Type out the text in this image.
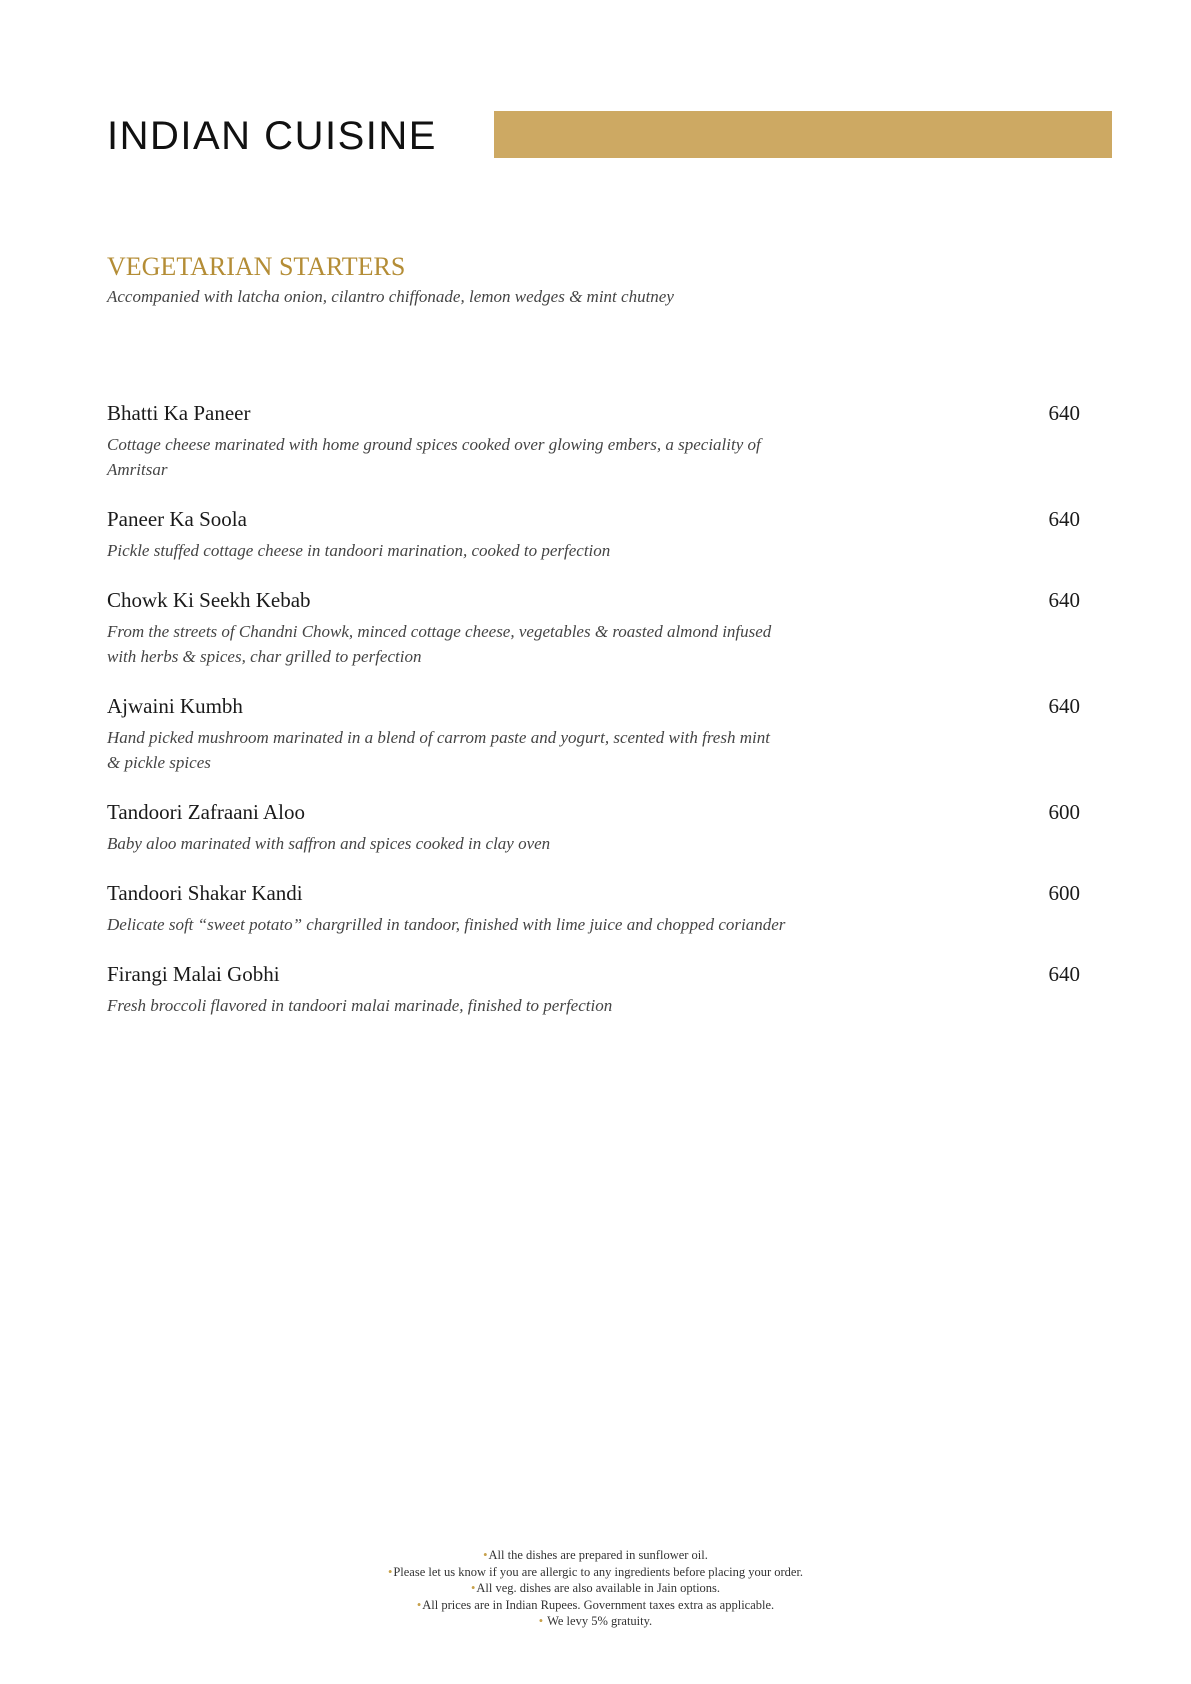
INDIAN CUISINE
VEGETARIAN STARTERS

Accompanied with latcha onion, cilantro chiffonade, lemon wedges & mint chutney

Bhatti Ka Paneer	640
Cottage cheese marinated with home ground spices cooked over glowing embers, a speciality of Amritsar
Paneer Ka Soola	640
Pickle stuffed cottage cheese in tandoori marination, cooked to perfection
Chowk Ki Seekh Kebab	640
From the streets of Chandni Chowk, minced cottage cheese, vegetables & roasted almond infused with herbs & spices, char grilled to perfection
Ajwaini Kumbh	640
Hand picked mushroom marinated in a blend of carrom paste and yogurt, scented with fresh mint & pickle spices
Tandoori Zafraani Aloo	600
Baby aloo marinated with saffron and spices cooked in clay oven
Tandoori Shakar Kandi	600
Delicate soft “sweet potato” chargrilled in tandoor, finished with lime juice and chopped coriander
Firangi Malai Gobhi	640
Fresh broccoli flavored in tandoori malai marinade, finished to perfection
•All the dishes are prepared in sunflower oil.
•Please let us know if you are allergic to any ingredients before placing your order.
•All veg. dishes are also available in Jain options.
•All prices are in Indian Rupees. Government taxes extra as applicable.
• We levy 5% gratuity.
